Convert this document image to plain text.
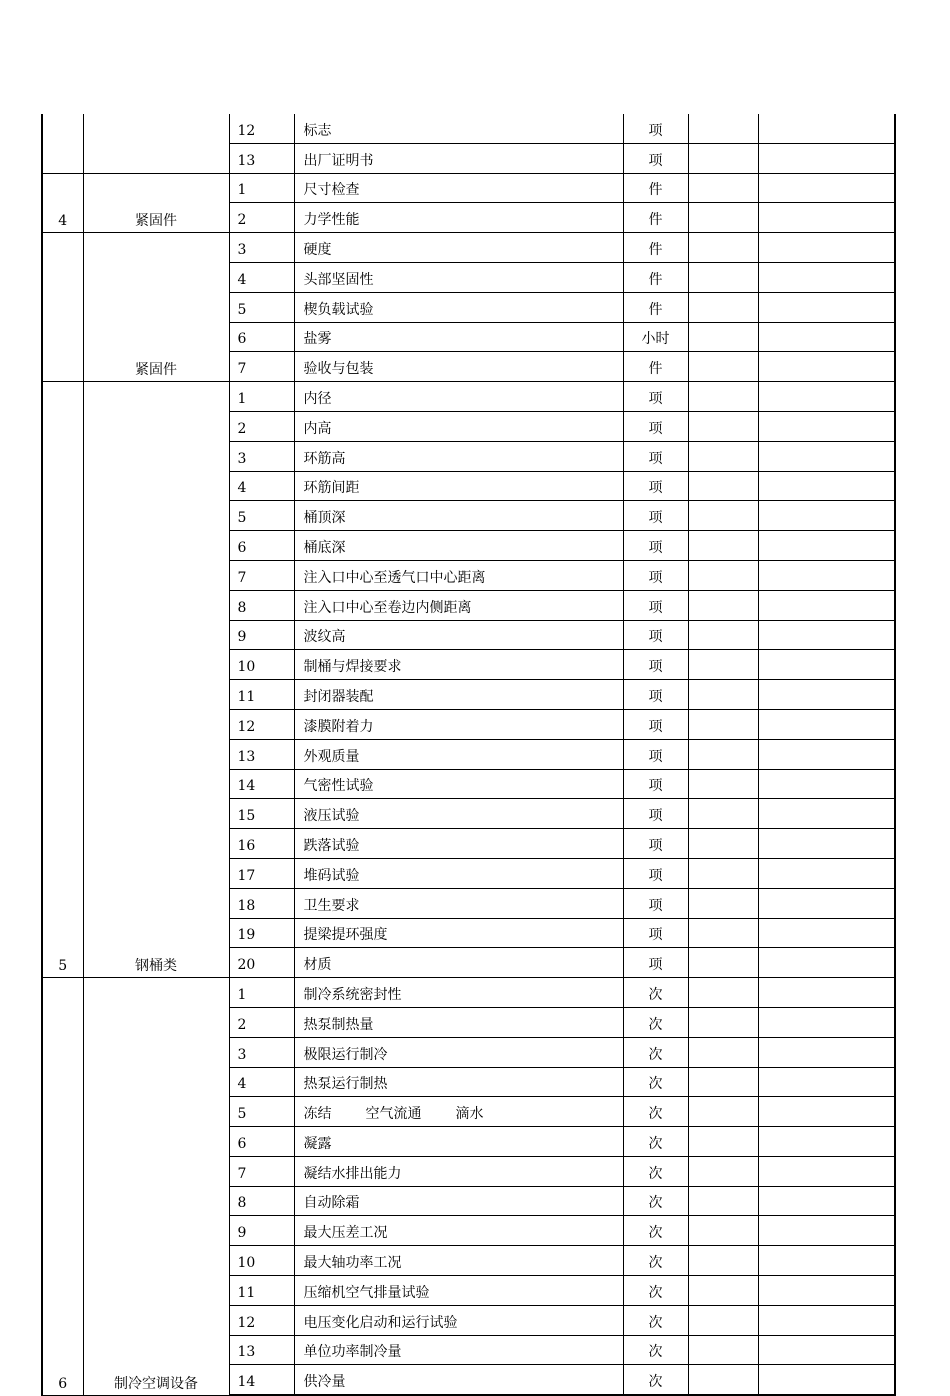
		12	标志	项		
		13	出厂证明书	项		
4	紧固件	1	尺寸检查	件		
		2	力学性能	件		
	紧固件	3	硬度	件		
		4	头部坚固性	件		
		5	楔负载试验	件		
		6	盐雾	小时		
		7	验收与包装	件		
5	钢桶类	1	内径	项		
		2	内高	项		
		3	环筋高	项		
		4	环筋间距	项		
		5	桶顶深	项		
		6	桶底深	项		
		7	注入口中心至透气口中心距离	项		
		8	注入口中心至卷边内侧距离	项		
		9	波纹高	项		
		10	制桶与焊接要求	项		
		11	封闭器装配	项		
		12	漆膜附着力	项		
		13	外观质量	项		
		14	气密性试验	项		
		15	液压试验	项		
		16	跌落试验	项		
		17	堆码试验	项		
		18	卫生要求	项		
		19	提梁提环强度	项		
		20	材质	项		
6	制冷空调设备	1	制冷系统密封性	次		
		2	热泵制热量	次		
		3	极限运行制冷	次		
		4	热泵运行制热	次		
		5	冻结 空气流通 滴水	次		
		6	凝露	次		
		7	凝结水排出能力	次		
		8	自动除霜	次		
		9	最大压差工况	次		
		10	最大轴功率工况	次		
		11	压缩机空气排量试验	次		
		12	电压变化启动和运行试验	次		
		13	单位功率制冷量	次		
		14	供冷量	次		
